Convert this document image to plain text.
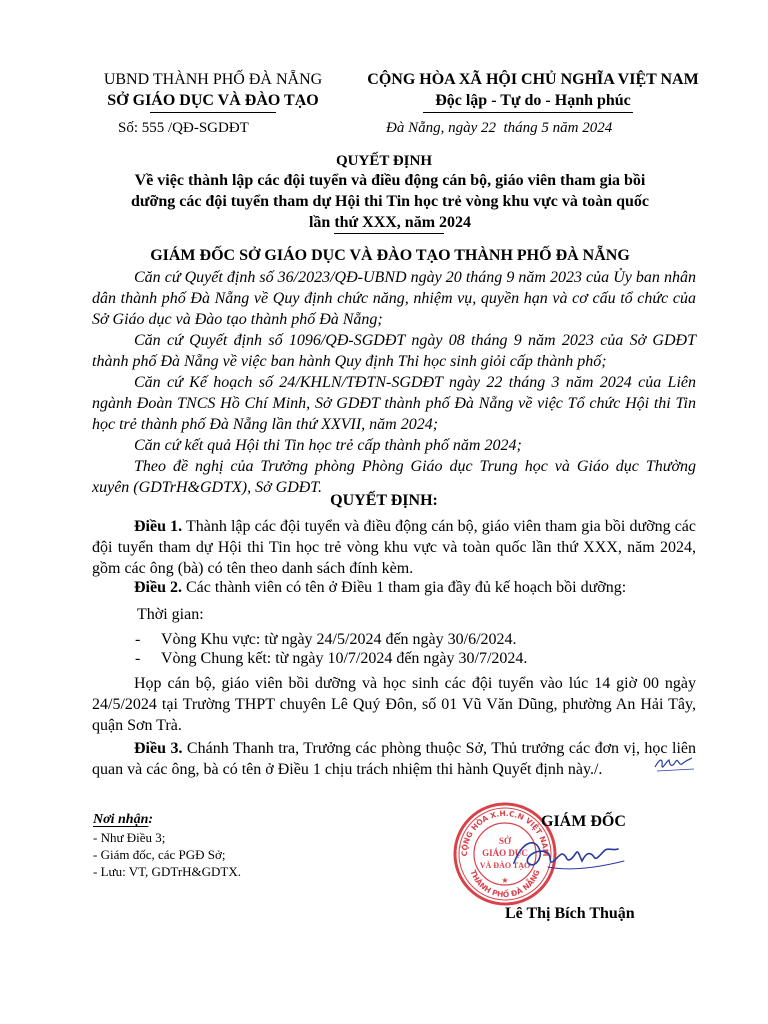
UBND THÀNH PHỐ ĐÀ NẴNG
SỞ GIÁO DỤC VÀ ĐÀO TẠO
Số: 555 /QĐ-SGDĐT
CỘNG HÒA XÃ HỘI CHỦ NGHĨA VIỆT NAM
Độc lập - Tự do - Hạnh phúc
Đà Nẵng, ngày 22  tháng 5 năm 2024
QUYẾT ĐỊNH
Về việc thành lập các đội tuyển và điều động cán bộ, giáo viên tham gia bồi
dưỡng các đội tuyển tham dự Hội thi Tin học trẻ vòng khu vực và toàn quốc
lần thứ XXX, năm 2024
GIÁM ĐỐC SỞ GIÁO DỤC VÀ ĐÀO TẠO THÀNH PHỐ ĐÀ NẴNG
Căn cứ Quyết định số 36/2023/QĐ-UBND ngày 20 tháng 9 năm 2023 của Ủy ban nhân dân thành phố Đà Nẵng về Quy định chức năng, nhiệm vụ, quyền hạn và cơ cấu tổ chức của Sở Giáo dục và Đào tạo thành phố Đà Nẵng;
Căn cứ Quyết định số 1096/QĐ-SGDĐT ngày 08 tháng 9 năm 2023 của Sở GDĐT thành phố Đà Nẵng về việc ban hành Quy định Thi học sinh giỏi cấp thành phố;
Căn cứ Kế hoạch số 24/KHLN/TĐTN-SGDĐT ngày 22 tháng 3 năm 2024 của Liên ngành Đoàn TNCS Hồ Chí Minh, Sở GDĐT thành phố Đà Nẵng về việc Tổ chức Hội thi Tin học trẻ thành phố Đà Nẵng lần thứ XXVII, năm 2024;
Căn cứ kết quả Hội thi Tin học trẻ cấp thành phố năm 2024;
Theo đề nghị của Trưởng phòng Phòng Giáo dục Trung học và Giáo dục Thường xuyên (GDTrH&GDTX), Sở GDĐT.
QUYẾT ĐỊNH:
Điều 1. Thành lập các đội tuyển và điều động cán bộ, giáo viên tham gia bồi dưỡng các đội tuyển tham dự Hội thi Tin học trẻ vòng khu vực và toàn quốc lần thứ XXX, năm 2024, gồm các ông (bà) có tên theo danh sách đính kèm.
Điều 2. Các thành viên có tên ở Điều 1 tham gia đầy đủ kế hoạch bồi dưỡng:
Thời gian:
- Vòng Khu vực: từ ngày 24/5/2024 đến ngày 30/6/2024.
- Vòng Chung kết: từ ngày 10/7/2024 đến ngày 30/7/2024.
Họp cán bộ, giáo viên bồi dưỡng và học sinh các đội tuyển vào lúc 14 giờ 00 ngày 24/5/2024 tại Trường THPT chuyên Lê Quý Đôn, số 01 Vũ Văn Dũng, phường An Hải Tây, quận Sơn Trà.
Điều 3. Chánh Thanh tra, Trưởng các phòng thuộc Sở, Thủ trưởng các đơn vị, học liên quan và các ông, bà có tên ở Điều 1 chịu trách nhiệm thi hành Quyết định này./.
Nơi nhận:
- Như Điều 3;
- Giám đốc, các PGĐ Sở;
- Lưu: VT, GDTrH&GDTX.
CỘNG HÒA X.H.C.N VIỆT NAM
THÀNH PHỐ ĐÀ NẴNG
SỞ
GIÁO DỤC
VÀ ĐÀO TẠO
★
GIÁM ĐỐC
Lê Thị Bích Thuận
